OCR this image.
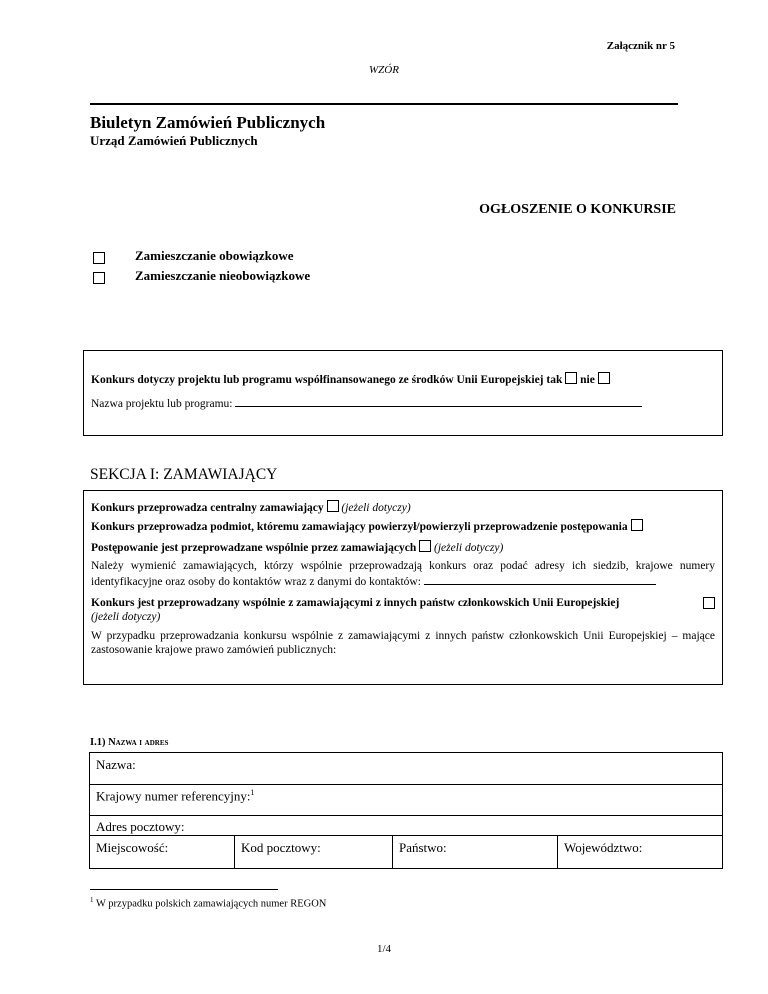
Załącznik nr 5
WZÓR
Biuletyn Zamówień Publicznych
Urząd Zamówień Publicznych
OGŁOSZENIE O KONKURSIE
Zamieszczanie obowiązkowe
Zamieszczanie nieobowiązkowe
Konkurs dotyczy projektu lub programu współfinansowanego ze środków Unii Europejskiej tak nie
Nazwa projektu lub programu:
SEKCJA I: ZAMAWIAJĄCY
Konkurs przeprowadza centralny zamawiający (jeżeli dotyczy)
Konkurs przeprowadza podmiot, któremu zamawiający powierzył/powierzyli przeprowadzenie postępowania
Postępowanie jest przeprowadzane wspólnie przez zamawiających (jeżeli dotyczy)
Należy wymienić zamawiających, którzy wspólnie przeprowadzają konkurs oraz podać adresy ich siedzib, krajowe numery identyfikacyjne oraz osoby do kontaktów wraz z danymi do kontaktów:
Konkurs jest przeprowadzany wspólnie z zamawiającymi z innych państw członkowskich Unii Europejskiej
(jeżeli dotyczy)
W przypadku przeprowadzania konkursu wspólnie z zamawiającymi z innych państw członkowskich Unii Europejskiej – mające zastosowanie krajowe prawo zamówień publicznych:
I.1) Nazwa i adres
Nazwa:
Krajowy numer referencyjny:$^1$
Adres pocztowy:
Miejscowość:	Kod pocztowy:	Państwo:	Województwo:
$^1$ W przypadku polskich zamawiających numer REGON
1/4
